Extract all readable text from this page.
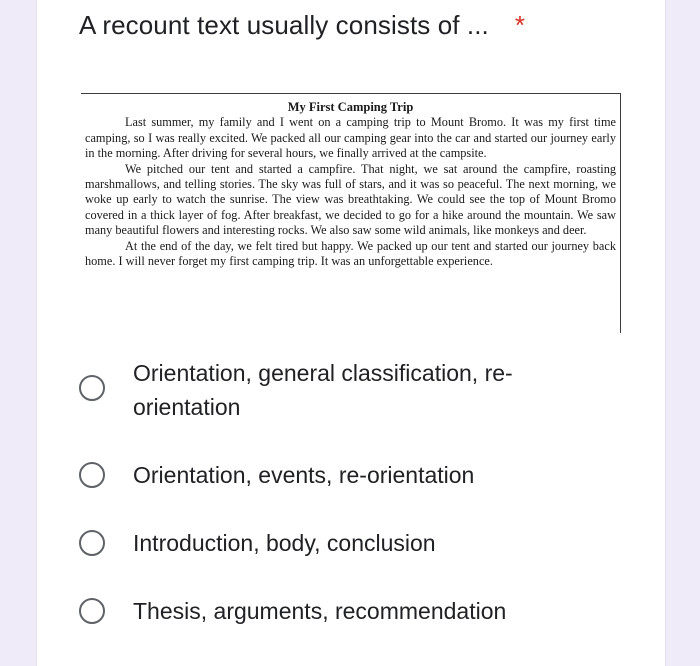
A recount text usually consists of ... *
My First Camping Trip

Last summer, my family and I went on a camping trip to Mount Bromo. It was my first time camping, so I was really excited. We packed all our camping gear into the car and started our journey early in the morning. After driving for several hours, we finally arrived at the campsite.

We pitched our tent and started a campfire. That night, we sat around the campfire, roasting marshmallows, and telling stories. The sky was full of stars, and it was so peaceful. The next morning, we woke up early to watch the sunrise. The view was breathtaking. We could see the top of Mount Bromo covered in a thick layer of fog. After breakfast, we decided to go for a hike around the mountain. We saw many beautiful flowers and interesting rocks. We also saw some wild animals, like monkeys and deer.

At the end of the day, we felt tired but happy. We packed up our tent and started our journey back home. I will never forget my first camping trip. It was an unforgettable experience.

Orientation, general classification, re-orientation
Orientation, events, re-orientation
Introduction, body, conclusion
Thesis, arguments, recommendation
